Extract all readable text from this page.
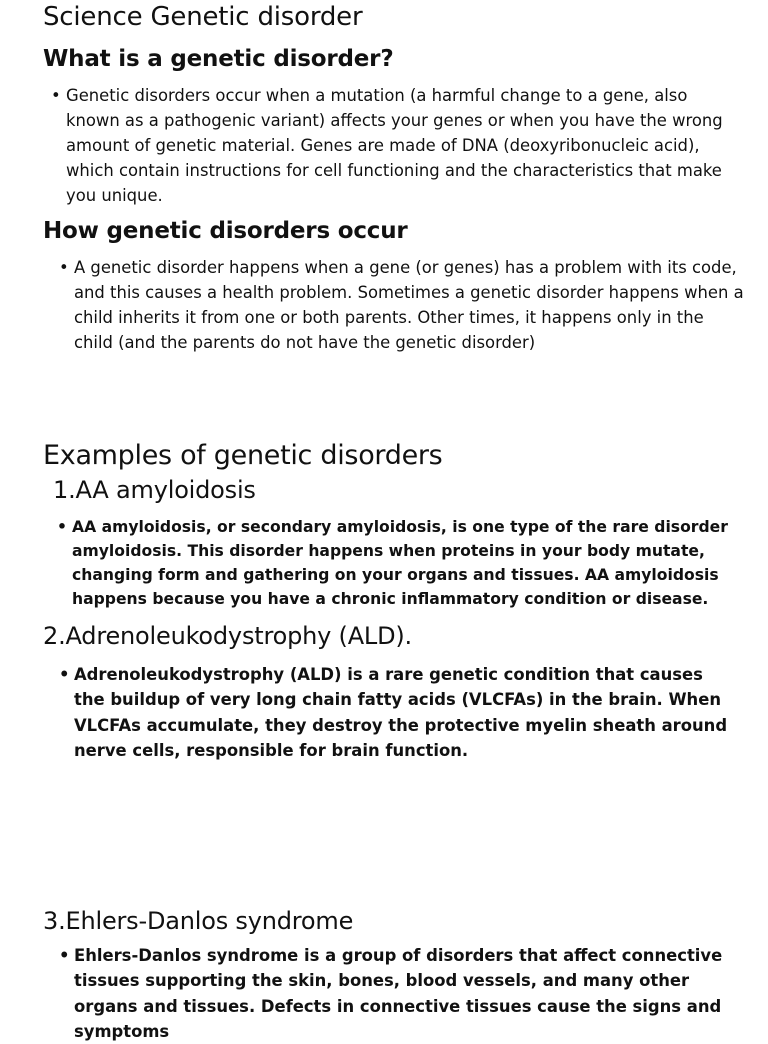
Science Genetic disorder
What is a genetic disorder?
• Genetic disorders occur when a mutation (a harmful change to a gene, also known as a pathogenic variant) affects your genes or when you have the wrong amount of genetic material. Genes are made of DNA (deoxyribonucleic acid), which contain instructions for cell functioning and the characteristics that make you unique.
How genetic disorders occur
• A genetic disorder happens when a gene (or genes) has a problem with its code, and this causes a health problem. Sometimes a genetic disorder happens when a child inherits it from one or both parents. Other times, it happens only in the child (and the parents do not have the genetic disorder)
Examples of genetic disorders
1.AA amyloidosis
• AA amyloidosis, or secondary amyloidosis, is one type of the rare disorder amyloidosis. This disorder happens when proteins in your body mutate, changing form and gathering on your organs and tissues. AA amyloidosis happens because you have a chronic inflammatory condition or disease.
2.Adrenoleukodystrophy (ALD).
• Adrenoleukodystrophy (ALD) is a rare genetic condition that causes the buildup of very long chain fatty acids (VLCFAs) in the brain. When VLCFAs accumulate, they destroy the protective myelin sheath around nerve cells, responsible for brain function.
3.Ehlers-Danlos syndrome
• Ehlers-Danlos syndrome is a group of disorders that affect connective tissues supporting the skin, bones, blood vessels, and many other organs and tissues. Defects in connective tissues cause the signs and symptoms
